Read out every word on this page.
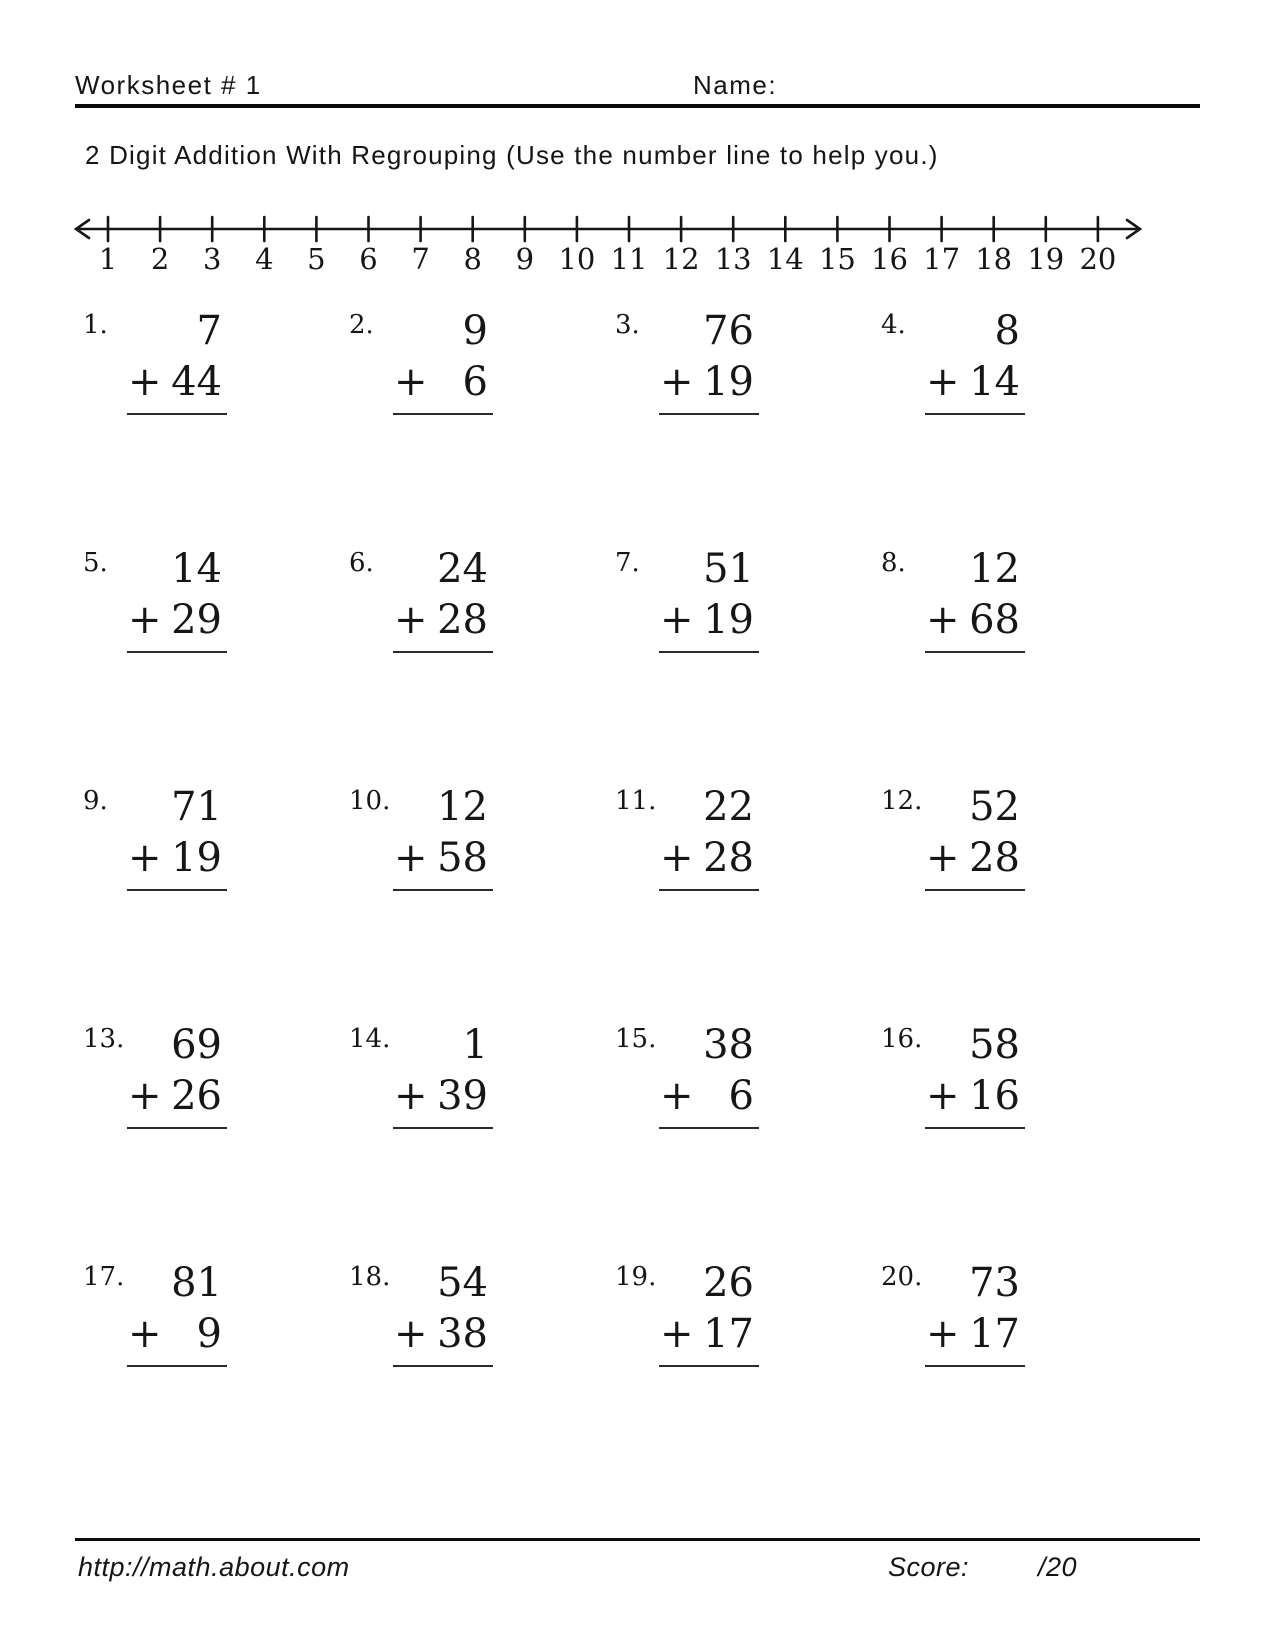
Worksheet # 1	Name:
2 Digit Addition With Regrouping (Use the number line to help you.)
1 2 3 4 5 6 7 8 9 10 11 12 13 14 15 16 17 18 19 20
1.	7
+ 44
2.	9
+ 6
3.	76
+ 19
4.	8
+ 14
5.	14
+ 29
6.	24
+ 28
7.	51
+ 19
8.	12
+ 68
9.	71
+ 19
10.	12
+ 58
11.	22
+ 28
12.	52
+ 28
13.	69
+ 26
14.	1
+ 39
15.	38
+ 6
16.	58
+ 16
17.	81
+ 9
18.	54
+ 38
19.	26
+ 17
20.	73
+ 17
http://math.about.com	Score:	/20
